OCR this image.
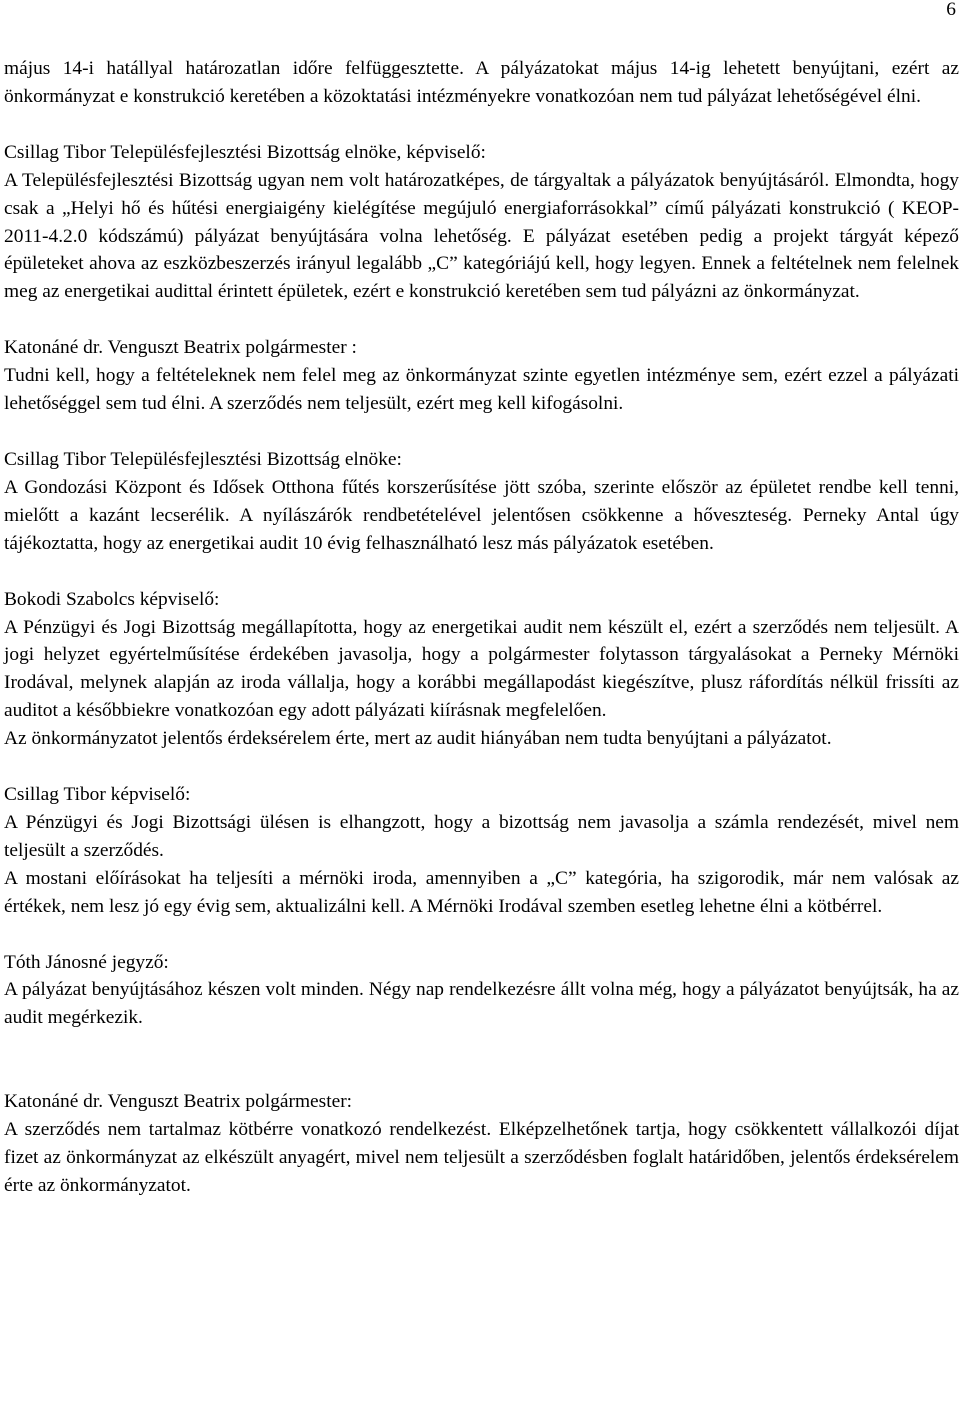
6

május 14-i hatállyal határozatlan időre felfüggesztette. A pályázatokat május 14-ig lehetett benyújtani, ezért az önkormányzat e konstrukció keretében a közoktatási intézményekre vonatkozóan nem tud pályázat lehetőségével élni.

Csillag Tibor Településfejlesztési Bizottság elnöke, képviselő:

A Településfejlesztési Bizottság ugyan nem volt határozatképes, de tárgyaltak a pályázatok benyújtásáról. Elmondta, hogy csak a „Helyi hő és hűtési energiaigény kielégítése megújuló energiaforrásokkal” című pályázati konstrukció ( KEOP-2011-4.2.0 kódszámú) pályázat benyújtására volna lehetőség. E pályázat esetében pedig a projekt tárgyát képező épületeket ahova az eszközbeszerzés irányul legalább „C” kategóriájú kell, hogy legyen. Ennek a feltételnek nem felelnek meg az energetikai audittal érintett épületek, ezért e konstrukció keretében sem tud pályázni az önkormányzat.

Katonáné dr. Venguszt Beatrix polgármester :

Tudni kell, hogy a feltételeknek nem felel meg az önkormányzat szinte egyetlen intézménye sem, ezért ezzel a pályázati lehetőséggel sem tud élni. A szerződés nem teljesült, ezért meg kell kifogásolni.

Csillag Tibor Településfejlesztési Bizottság elnöke:

A Gondozási Központ és Idősek Otthona fűtés korszerűsítése jött szóba, szerinte először az épületet rendbe kell tenni, mielőtt a kazánt lecserélik. A nyílászárók rendbetételével jelentősen csökkenne a hőveszteség. Perneky Antal úgy tájékoztatta, hogy az energetikai audit 10 évig felhasználható lesz más pályázatok esetében.

Bokodi Szabolcs képviselő:

A Pénzügyi és Jogi Bizottság megállapította, hogy az energetikai audit nem készült el, ezért a szerződés nem teljesült. A jogi helyzet egyértelműsítése érdekében javasolja, hogy a polgármester folytasson tárgyalásokat a Perneky Mérnöki Irodával, melynek alapján az iroda vállalja, hogy a korábbi megállapodást kiegészítve, plusz ráfordítás nélkül frissíti az auditot a későbbiekre vonatkozóan egy adott pályázati kiírásnak megfelelően.

Az önkormányzatot jelentős érdeksérelem érte, mert az audit hiányában nem tudta benyújtani a pályázatot.

Csillag Tibor képviselő:

A Pénzügyi és Jogi Bizottsági ülésen is elhangzott, hogy a bizottság nem javasolja a számla rendezését, mivel nem teljesült a szerződés.

A mostani előírásokat ha teljesíti a mérnöki iroda, amennyiben a „C” kategória, ha szigorodik, már nem valósak az értékek, nem lesz jó egy évig sem, aktualizálni kell. A Mérnöki Irodával szemben esetleg lehetne élni a kötbérrel.

Tóth Jánosné jegyző:

A pályázat benyújtásához készen volt minden. Négy nap rendelkezésre állt volna még, hogy a pályázatot benyújtsák, ha az audit megérkezik.

Katonáné dr. Venguszt Beatrix polgármester:

A szerződés nem tartalmaz kötbérre vonatkozó rendelkezést. Elképzelhetőnek tartja, hogy csökkentett vállalkozói díjat fizet az önkormányzat az elkészült anyagért, mivel nem teljesült a szerződésben foglalt határidőben, jelentős érdeksérelem érte az önkormányzatot.
